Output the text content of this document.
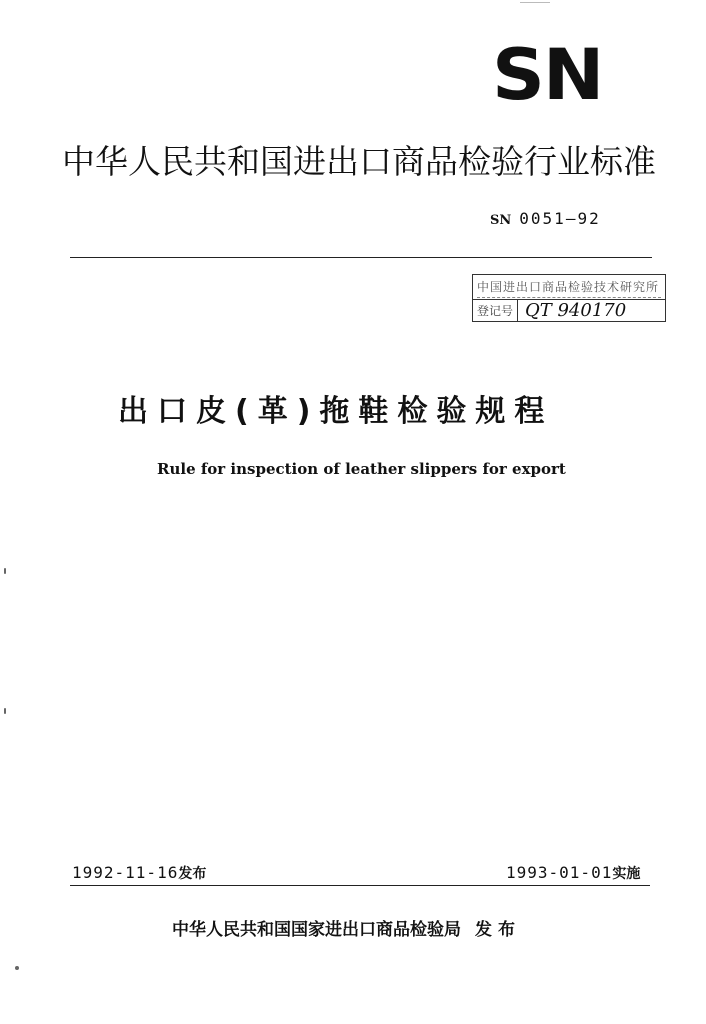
SN
中华人民共和国进出口商品检验行业标准
SN 0051—92
中国进出口商品检验技术研究所
登记号 QT 940170
出口皮(革)拖鞋检验规程
Rule for inspection of leather slippers for export
1992-11-16发布	1993-01-01实施
中华人民共和国国家进出口商品检验局 发布
